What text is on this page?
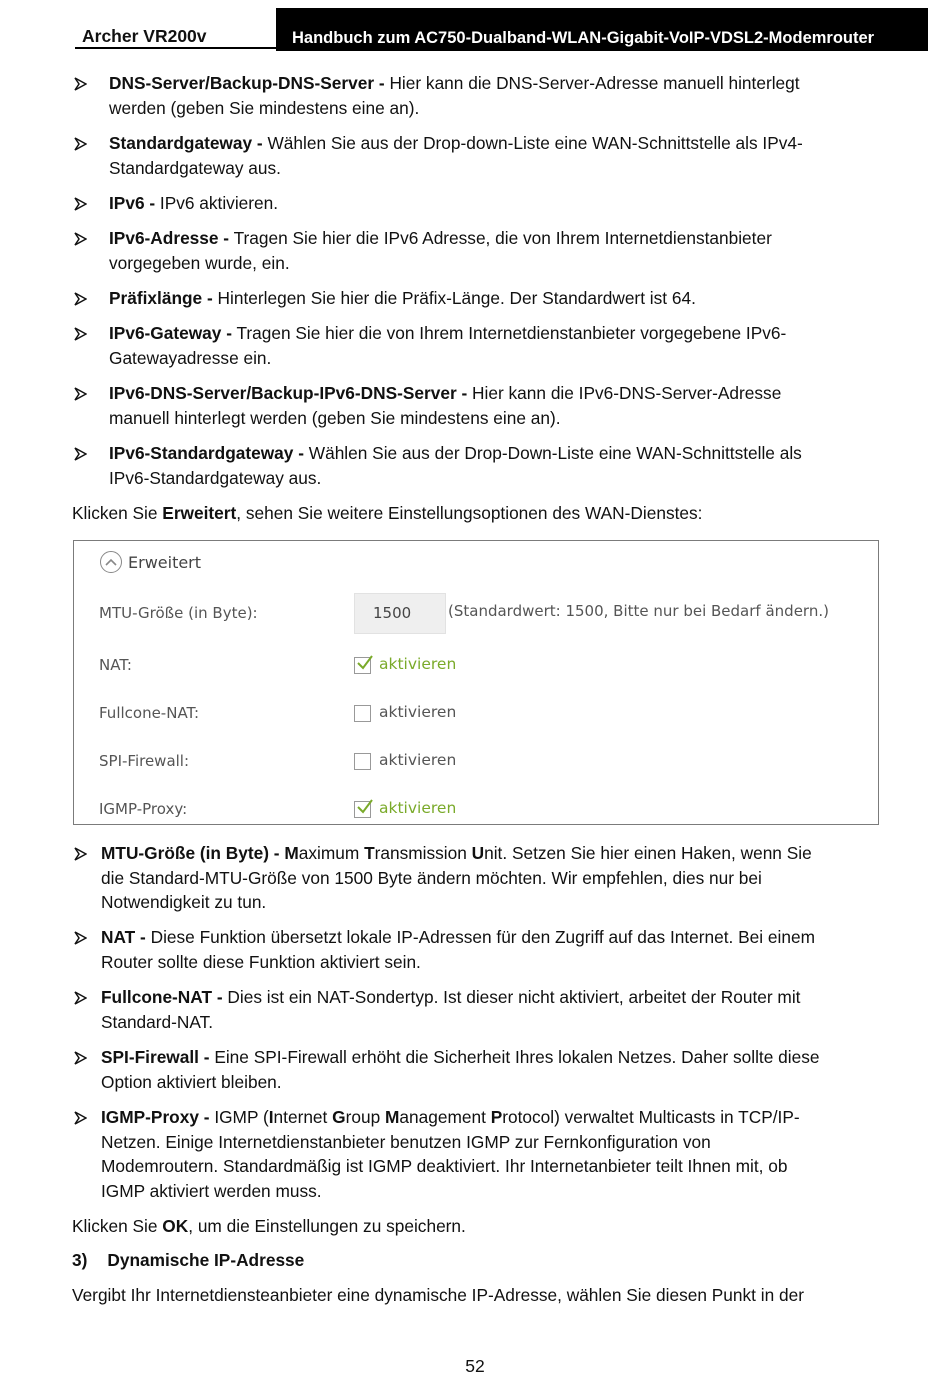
Archer VR200v	Handbuch zum AC750-Dualband-WLAN-Gigabit-VoIP-VDSL2-Modemrouter
DNS-Server/Backup-DNS-Server - Hier kann die DNS-Server-Adresse manuell hinterlegt
werden (geben Sie mindestens eine an).
Standardgateway - Wählen Sie aus der Drop-down-Liste eine WAN-Schnittstelle als IPv4-
Standardgateway aus.
IPv6 - IPv6 aktivieren.
IPv6-Adresse - Tragen Sie hier die IPv6 Adresse, die von Ihrem Internetdienstanbieter
vorgegeben wurde, ein.
Präfixlänge - Hinterlegen Sie hier die Präfix-Länge. Der Standardwert ist 64.
IPv6-Gateway - Tragen Sie hier die von Ihrem Internetdienstanbieter vorgegebene IPv6-
Gatewayadresse ein.
IPv6-DNS-Server/Backup-IPv6-DNS-Server - Hier kann die IPv6-DNS-Server-Adresse
manuell hinterlegt werden (geben Sie mindestens eine an).
IPv6-Standardgateway - Wählen Sie aus der Drop-Down-Liste eine WAN-Schnittstelle als
IPv6-Standardgateway aus.
Klicken Sie Erweitert, sehen Sie weitere Einstellungsoptionen des WAN-Dienstes:
Erweitert
MTU-Größe (in Byte):	1500	(Standardwert: 1500, Bitte nur bei Bedarf ändern.)
NAT:	aktivieren
Fullcone-NAT:	aktivieren
SPI-Firewall:	aktivieren
IGMP-Proxy:	aktivieren
MTU-Größe (in Byte) - Maximum Transmission Unit. Setzen Sie hier einen Haken, wenn Sie
die Standard-MTU-Größe von 1500 Byte ändern möchten. Wir empfehlen, dies nur bei
Notwendigkeit zu tun.
NAT - Diese Funktion übersetzt lokale IP-Adressen für den Zugriff auf das Internet. Bei einem
Router sollte diese Funktion aktiviert sein.
Fullcone-NAT - Dies ist ein NAT-Sondertyp. Ist dieser nicht aktiviert, arbeitet der Router mit
Standard-NAT.
SPI-Firewall - Eine SPI-Firewall erhöht die Sicherheit Ihres lokalen Netzes. Daher sollte diese
Option aktiviert bleiben.
IGMP-Proxy - IGMP (Internet Group Management Protocol) verwaltet Multicasts in TCP/IP-
Netzen. Einige Internetdienstanbieter benutzen IGMP zur Fernkonfiguration von
Modemroutern. Standardmäßig ist IGMP deaktiviert. Ihr Internetanbieter teilt Ihnen mit, ob
IGMP aktiviert werden muss.
Klicken Sie OK, um die Einstellungen zu speichern.
3) Dynamische IP-Adresse
Vergibt Ihr Internetdiensteanbieter eine dynamische IP-Adresse, wählen Sie diesen Punkt in der
52
